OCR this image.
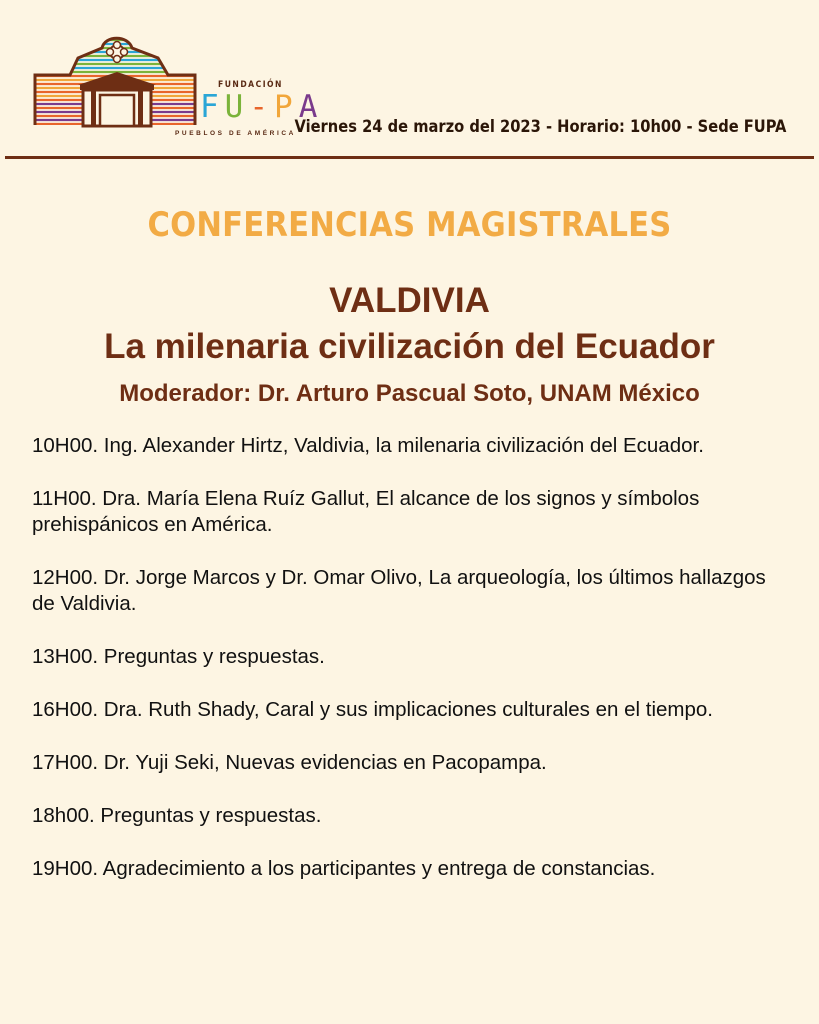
FUNDACIÓN
FU-PA
PUEBLOS DE AMÉRICA
Viernes 24 de marzo del 2023 - Horario: 10h00 - Sede FUPA
CONFERENCIAS MAGISTRALES
VALDIVIA
La milenaria civilización del Ecuador
Moderador: Dr. Arturo Pascual Soto, UNAM México
10H00. Ing. Alexander Hirtz, Valdivia, la milenaria civilización del Ecuador.
11H00. Dra. María Elena Ruíz Gallut, El alcance de los signos y símbolos prehispánicos en América.
12H00. Dr. Jorge Marcos y Dr. Omar Olivo, La arqueología, los últimos hallazgos de Valdivia.
13H00. Preguntas y respuestas.
16H00. Dra. Ruth Shady, Caral y sus implicaciones culturales en el tiempo.
17H00. Dr. Yuji Seki, Nuevas evidencias en Pacopampa.
18h00. Preguntas y respuestas.
19H00. Agradecimiento a los participantes y entrega de constancias.
